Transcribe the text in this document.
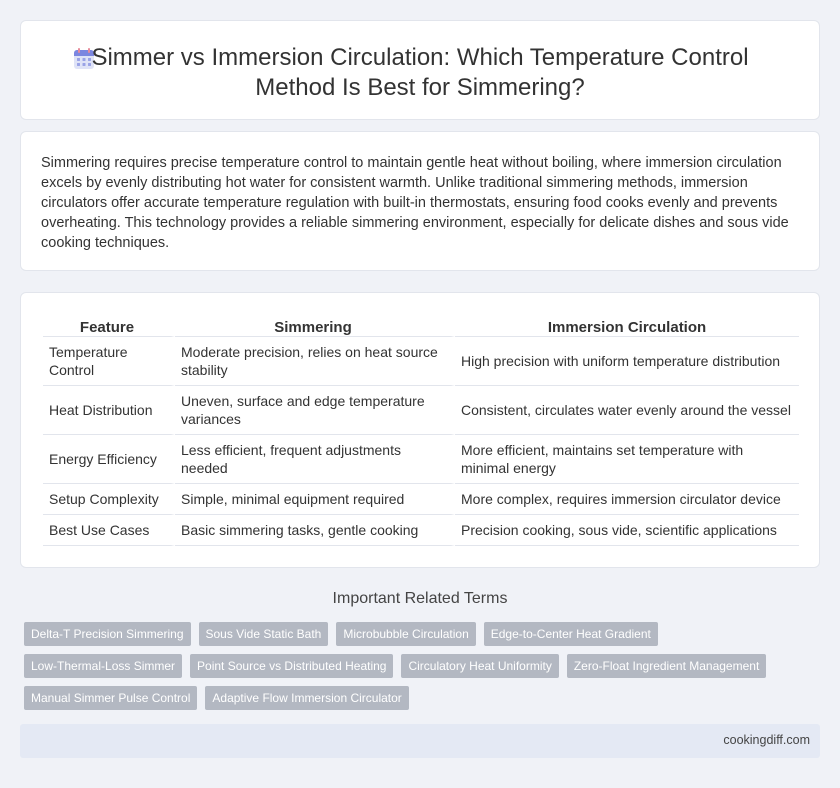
Simmer vs Immersion Circulation: Which Temperature Control
Method Is Best for Simmering?

Simmering requires precise temperature control to maintain gentle heat without boiling, where immersion circulation excels by evenly distributing hot water for consistent warmth. Unlike traditional simmering methods, immersion circulators offer accurate temperature regulation with built-in thermostats, ensuring food cooks evenly and prevents overheating. This technology provides a reliable simmering environment, especially for delicate dishes and sous vide cooking techniques.

Feature	Simmering	Immersion Circulation
Temperature Control	Moderate precision, relies on heat source stability	High precision with uniform temperature distribution
Heat Distribution	Uneven, surface and edge temperature variances	Consistent, circulates water evenly around the vessel
Energy Efficiency	Less efficient, frequent adjustments needed	More efficient, maintains set temperature with minimal energy
Setup Complexity	Simple, minimal equipment required	More complex, requires immersion circulator device
Best Use Cases	Basic simmering tasks, gentle cooking	Precision cooking, sous vide, scientific applications
Important Related Terms
Delta-T Precision Simmering	Sous Vide Static Bath	Microbubble Circulation	Edge-to-Center Heat Gradient
Low-Thermal-Loss Simmer	Point Source vs Distributed Heating	Circulatory Heat Uniformity	Zero-Float Ingredient Management
Manual Simmer Pulse Control	Adaptive Flow Immersion Circulator
cookingdiff.com
